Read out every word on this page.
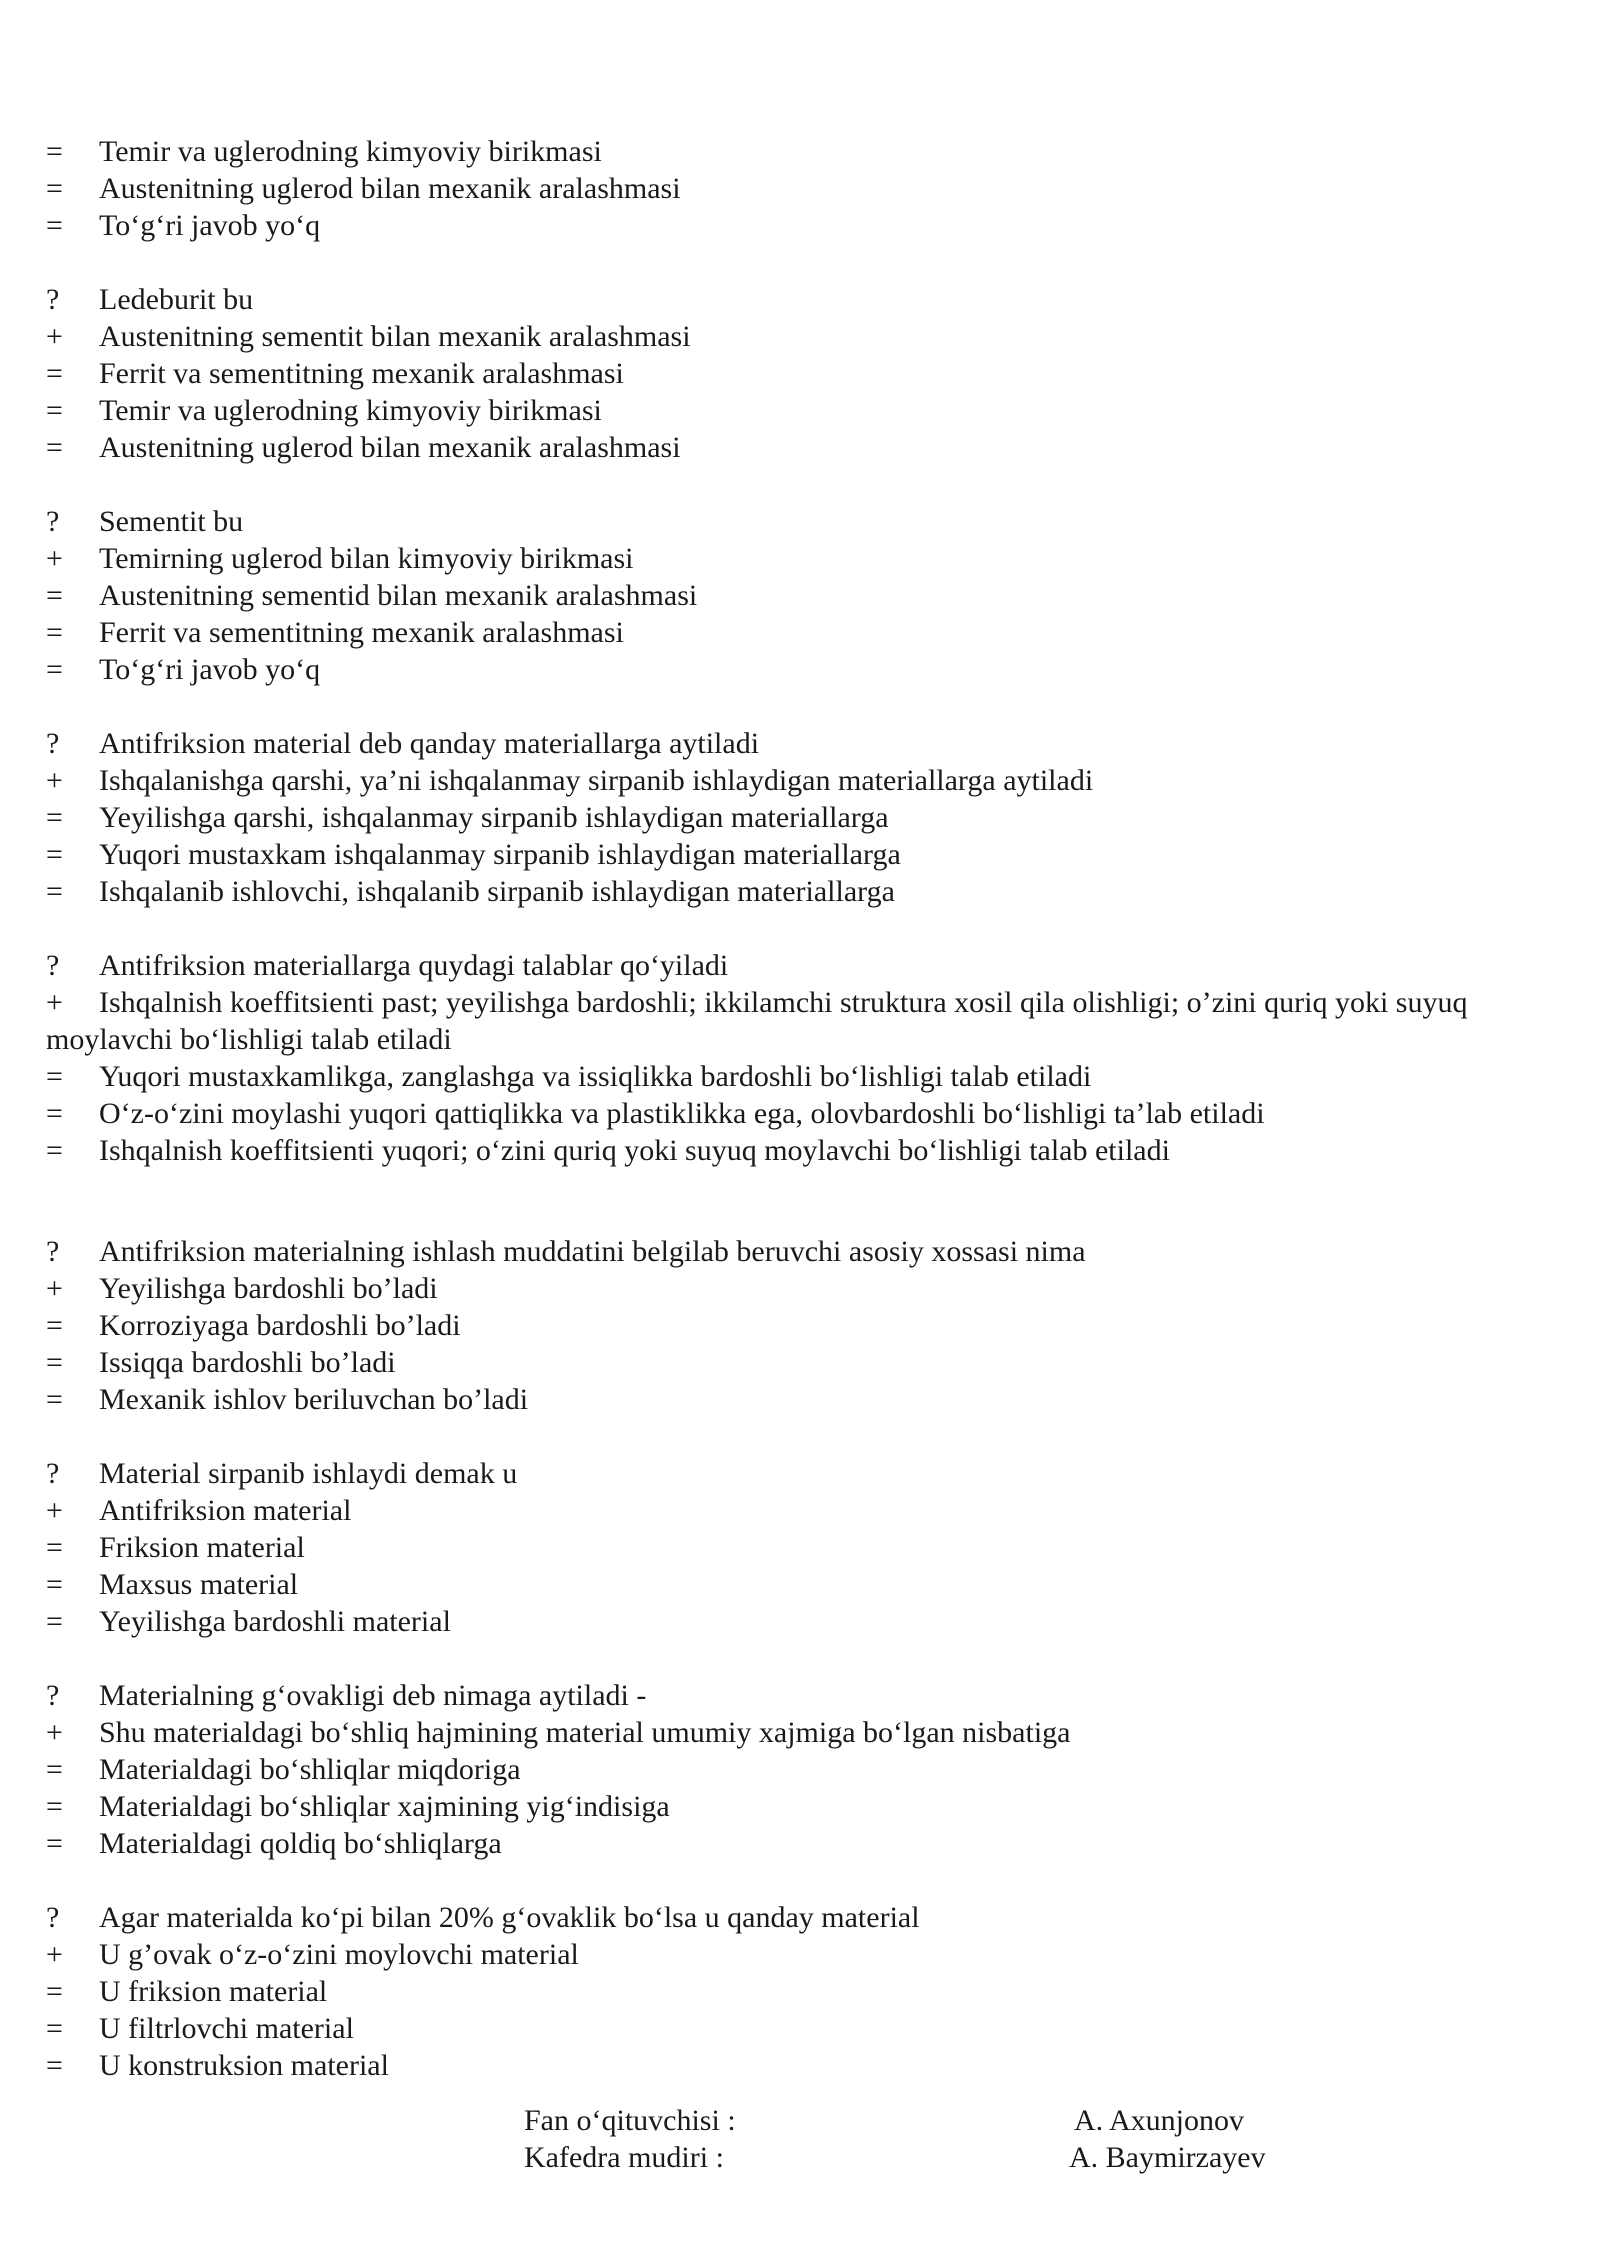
=	Temir va uglerodning kimyoviy birikmasi
=	Austenitning uglerod bilan mexanik aralashmasi
=	To‘g‘ri javob yo‘q
?	Ledeburit bu
+	Austenitning sementit bilan mexanik aralashmasi
=	Ferrit va sementitning mexanik aralashmasi
=	Temir va uglerodning kimyoviy birikmasi
=	Austenitning uglerod bilan mexanik aralashmasi
?	Sementit bu
+	Temirning uglerod bilan kimyoviy birikmasi
=	Austenitning sementid bilan mexanik aralashmasi
=	Ferrit va sementitning mexanik aralashmasi
=	To‘g‘ri javob yo‘q
?	Antifriksion material deb qanday materiallarga aytiladi
+	Ishqalanishga qarshi, ya’ni ishqalanmay sirpanib ishlaydigan materiallarga aytiladi
=	Yeyilishga qarshi, ishqalanmay sirpanib ishlaydigan materiallarga
=	Yuqori mustaxkam ishqalanmay sirpanib ishlaydigan materiallarga
=	Ishqalanib ishlovchi, ishqalanib sirpanib ishlaydigan materiallarga
?	Antifriksion materiallarga quydagi talablar qo‘yiladi
+	Ishqalnish koeffitsienti past; yeyilishga bardoshli; ikkilamchi struktura xosil qila olishligi; o’zini quriq yoki suyuq moylavchi bo‘lishligi talab etiladi
=	Yuqori mustaxkamlikga, zanglashga va issiqlikka bardoshli bo‘lishligi talab etiladi
=	O‘z-o‘zini moylashi yuqori qattiqlikka va plastiklikka ega, olovbardoshli bo‘lishligi ta’lab etiladi
=	Ishqalnish koeffitsienti yuqori; o‘zini quriq yoki suyuq moylavchi bo‘lishligi talab etiladi
?	Antifriksion materialning ishlash muddatini belgilab beruvchi asosiy xossasi nima
+	Yeyilishga bardoshli bo’ladi
=	Korroziyaga bardoshli bo’ladi
=	Issiqqa bardoshli bo’ladi
=	Mexanik ishlov beriluvchan bo’ladi
?	Material sirpanib ishlaydi demak u
+	Antifriksion material
=	Friksion material
=	Maxsus material
=	Yeyilishga bardoshli material
?	Materialning g‘ovakligi deb nimaga aytiladi -
+	Shu materialdagi bo‘shliq hajmining material umumiy xajmiga bo‘lgan nisbatiga
=	Materialdagi bo‘shliqlar miqdoriga
=	Materialdagi bo‘shliqlar xajmining yig‘indisiga
=	Materialdagi qoldiq bo‘shliqlarga
?	Agar materialda ko‘pi bilan 20% g‘ovaklik bo‘lsa u qanday material
+	U g’ovak o‘z-o‘zini moylovchi material
=	U friksion material
=	U filtrlovchi material
=	U konstruksion material
Fan o‘qituvchisi :	A. Axunjonov
Kafedra mudiri :	A. Baymirzayev
